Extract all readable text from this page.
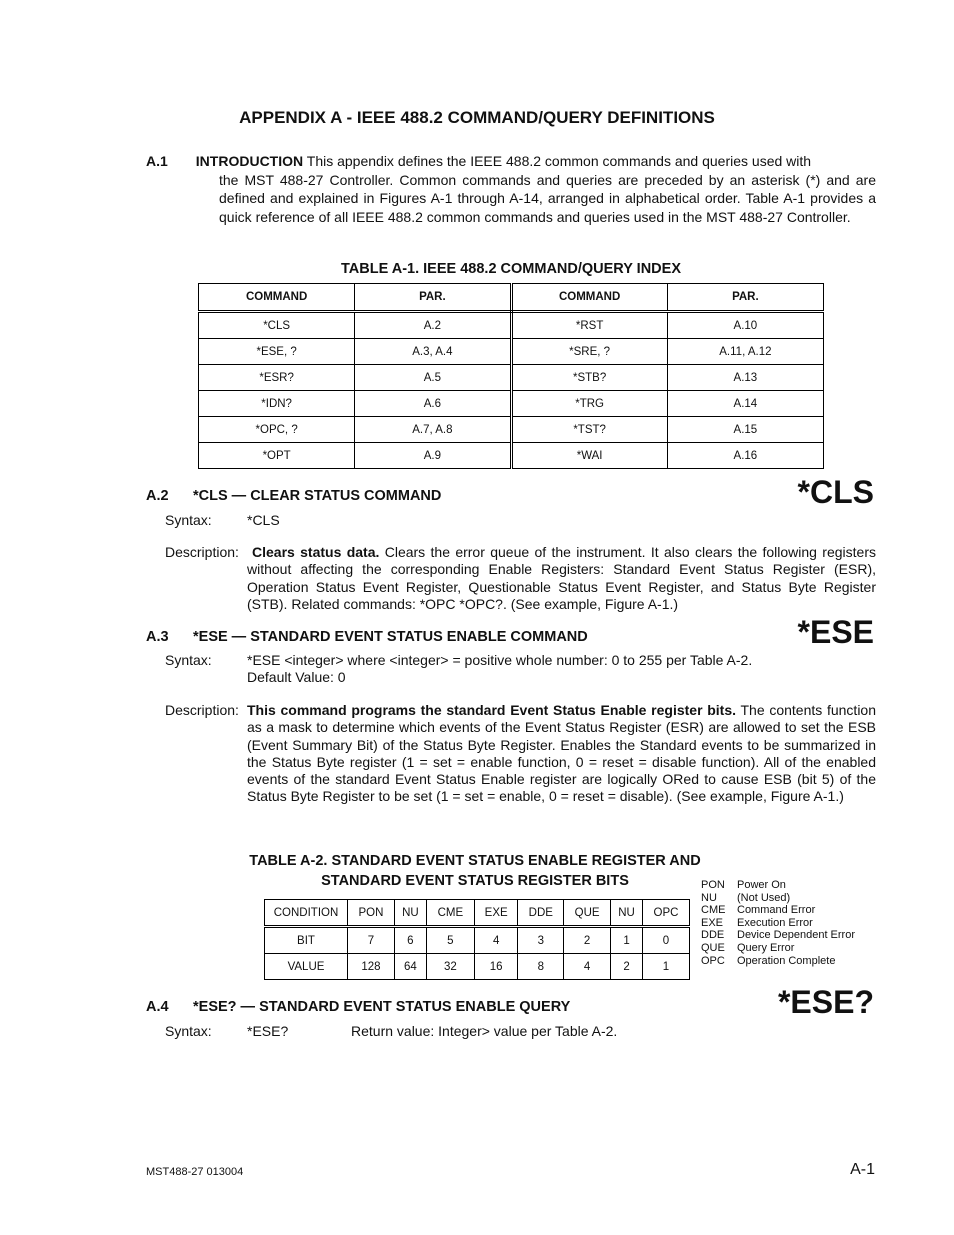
APPENDIX A - IEEE 488.2 COMMAND/QUERY DEFINITIONS
A.1 INTRODUCTION This appendix defines the IEEE 488.2 common commands and queries used with
the MST 488-27 Controller. Common commands and queries are preceded by an asterisk (*) and are defined and explained in Figures A-1 through A-14, arranged in alphabetical order. Table A-1 provides a quick reference of all IEEE 488.2 common commands and queries used in the MST 488-27 Controller.
TABLE A-1. IEEE 488.2 COMMAND/QUERY INDEX
COMMAND	PAR.	COMMAND	PAR.
*CLS	A.2	*RST	A.10
*ESE, ?	A.3, A.4	*SRE, ?	A.11, A.12
*ESR?	A.5	*STB?	A.13
*IDN?	A.6	*TRG	A.14
*OPC, ?	A.7, A.8	*TST?	A.15
*OPT	A.9	*WAI	A.16
A.2 *CLS — CLEAR STATUS COMMAND	*CLS
Syntax:	*CLS
Description: Clears status data. Clears the error queue of the instrument. It also clears the following registers without affecting the corresponding Enable Registers: Standard Event Status Register (ESR), Operation Status Event Register, Questionable Status Event Register, and Status Byte Register (STB). Related commands: *OPC *OPC?. (See example, Figure A-1.)
A.3 *ESE — STANDARD EVENT STATUS ENABLE COMMAND	*ESE
Syntax:	*ESE <integer> where <integer> = positive whole number: 0 to 255 per Table A-2.
Default Value: 0
Description: This command programs the standard Event Status Enable register bits. The contents function as a mask to determine which events of the Event Status Register (ESR) are allowed to set the ESB (Event Summary Bit) of the Status Byte Register. Enables the Standard events to be summarized in the Status Byte register (1 = set = enable function, 0 = reset = disable function). All of the enabled events of the standard Event Status Enable register are logically ORed to cause ESB (bit 5) of the Status Byte Register to be set (1 = set = enable, 0 = reset = disable). (See example, Figure A-1.)
TABLE A-2. STANDARD EVENT STATUS ENABLE REGISTER AND
STANDARD EVENT STATUS REGISTER BITS
CONDITION	PON	NU	CME	EXE	DDE	QUE	NU	OPC
BIT	7	6	5	4	3	2	1	0
VALUE	128	64	32	16	8	4	2	1
PON	Power On
NU	(Not Used)
CME	Command Error
EXE	Execution Error
DDE	Device Dependent Error
QUE	Query Error
OPC	Operation Complete
A.4 *ESE? — STANDARD EVENT STATUS ENABLE QUERY	*ESE?
Syntax:	*ESE?	Return value: Integer> value per Table A-2.
MST488-27 013004	A-1
